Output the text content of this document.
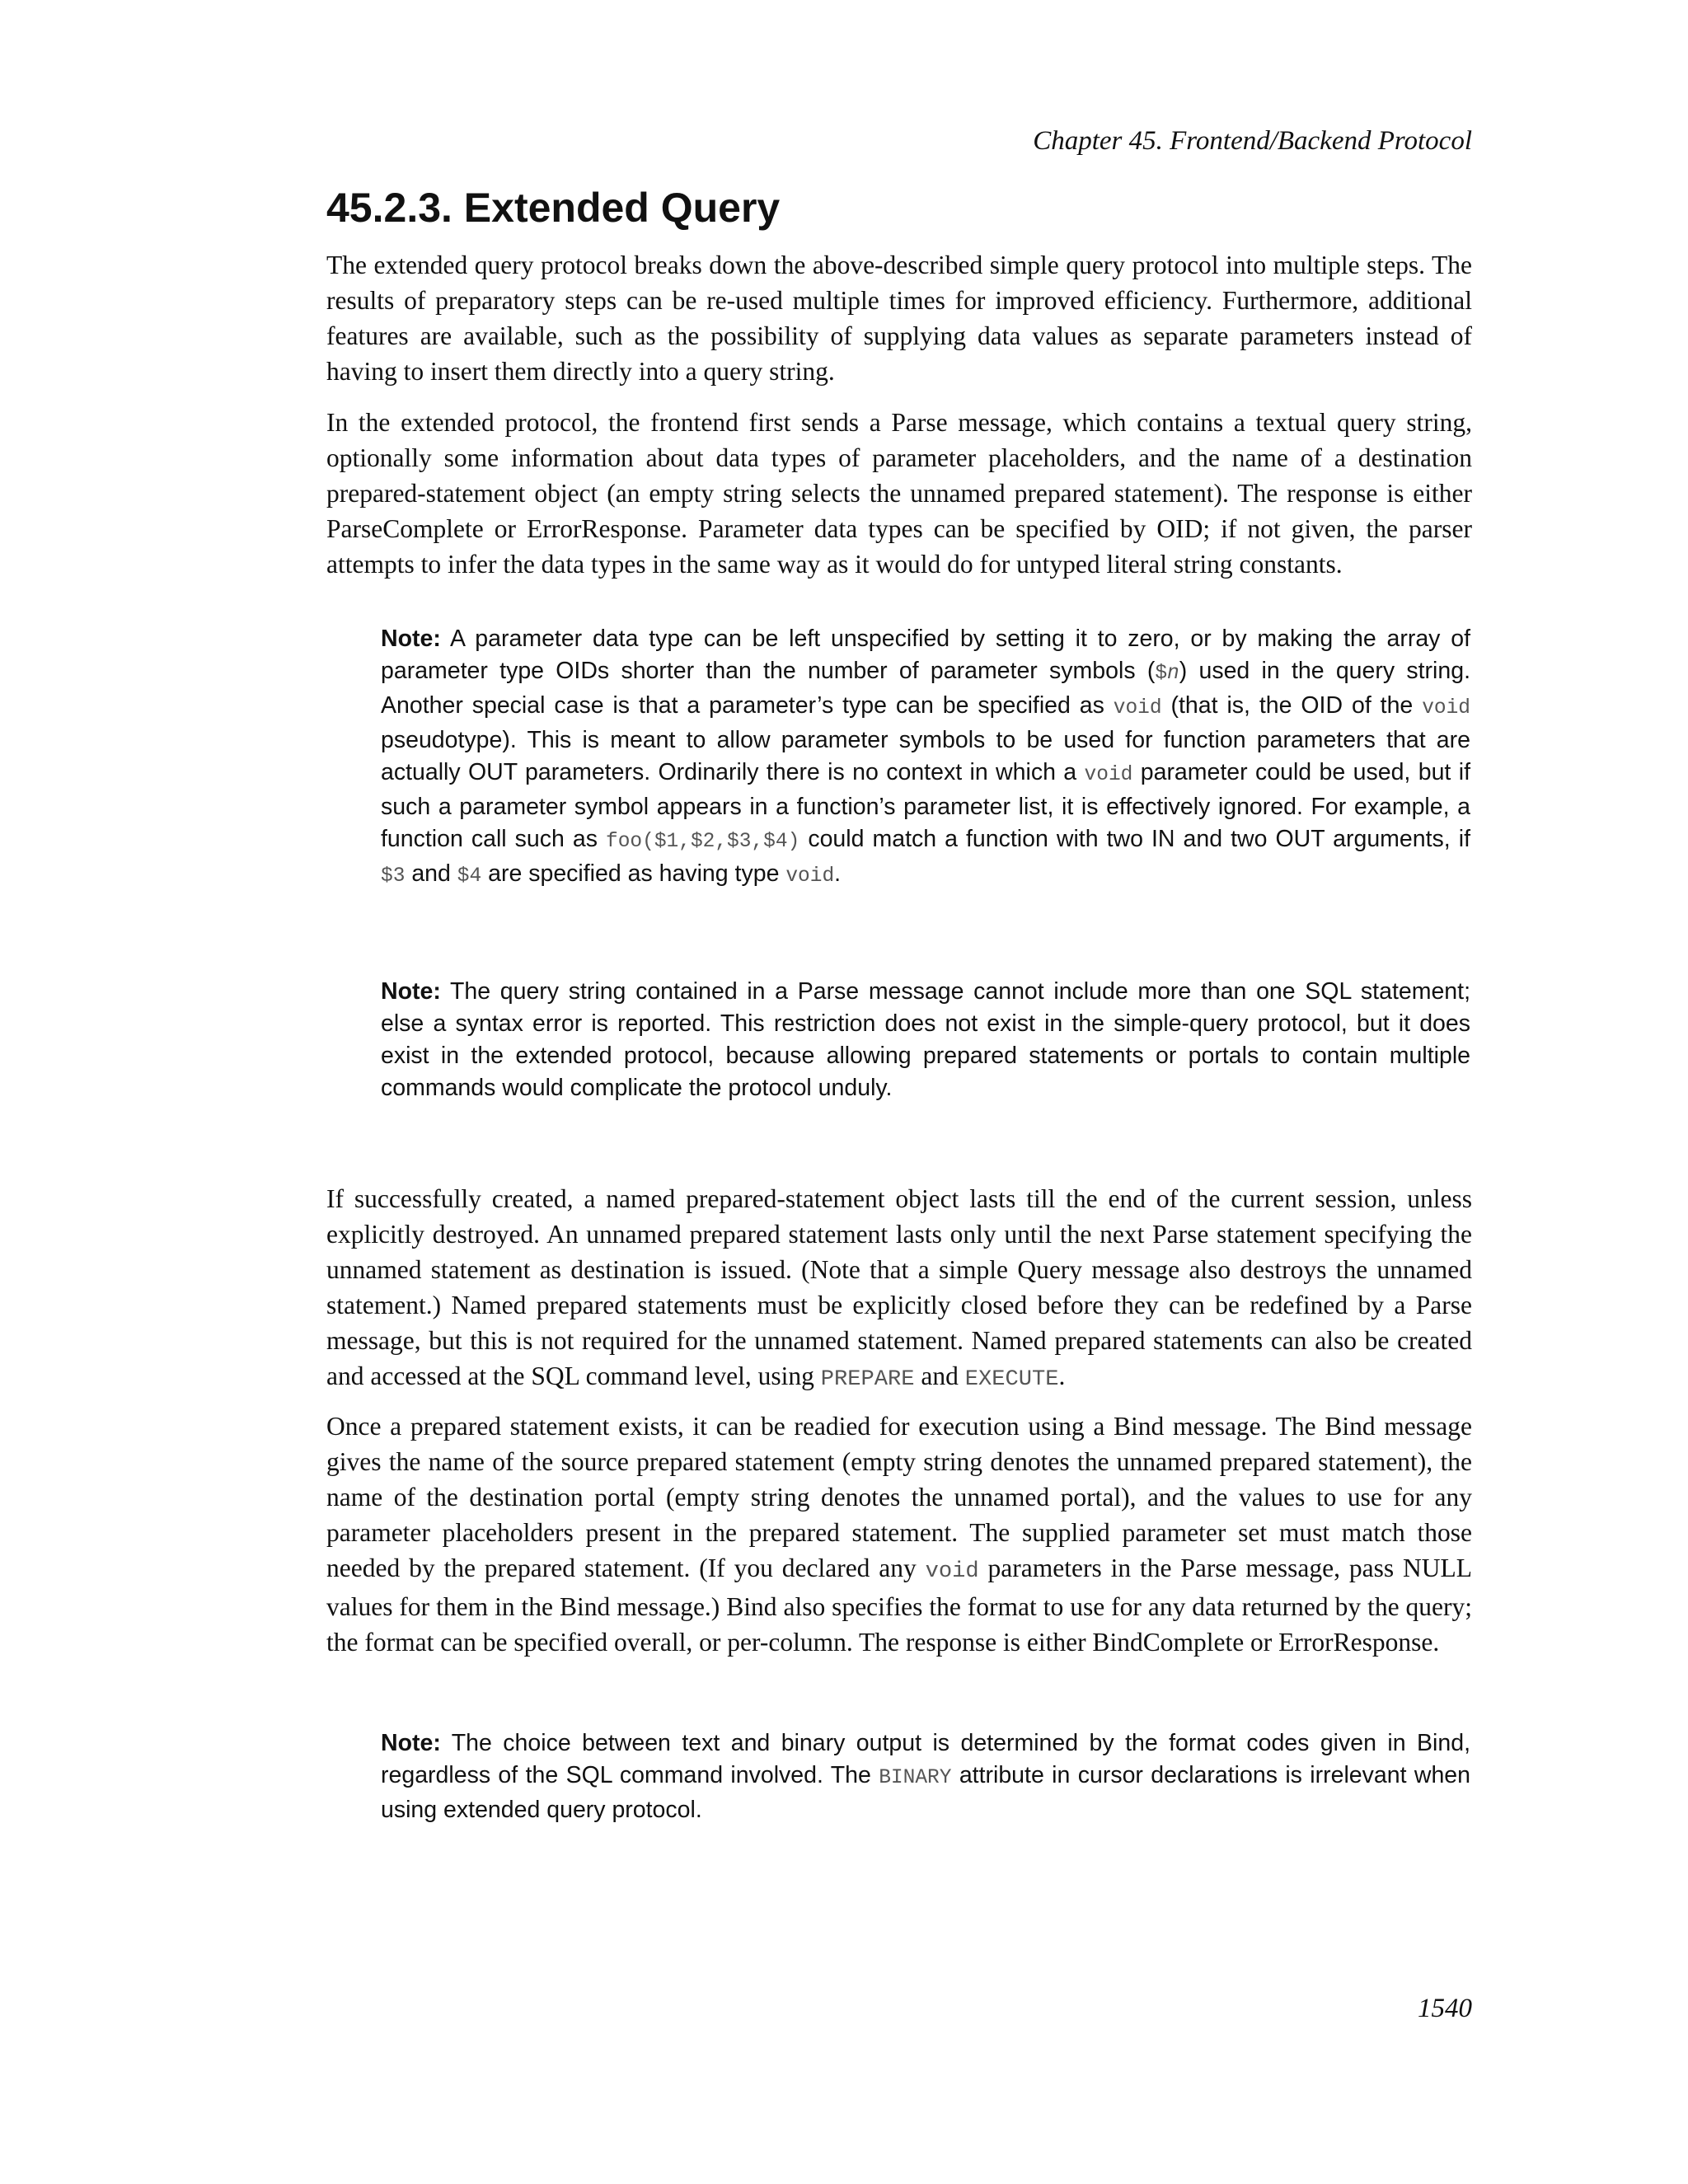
Chapter 45. Frontend/Backend Protocol
45.2.3. Extended Query

The extended query protocol breaks down the above-described simple query protocol into multiple steps. The results of preparatory steps can be re-used multiple times for improved efficiency. Furthermore, additional features are available, such as the possibility of supplying data values as separate parameters instead of having to insert them directly into a query string.

In the extended protocol, the frontend first sends a Parse message, which contains a textual query string, optionally some information about data types of parameter placeholders, and the name of a destination prepared-statement object (an empty string selects the unnamed prepared statement). The response is either ParseComplete or ErrorResponse. Parameter data types can be specified by OID; if not given, the parser attempts to infer the data types in the same way as it would do for untyped literal string constants.

Note: A parameter data type can be left unspecified by setting it to zero, or by making the array of parameter type OIDs shorter than the number of parameter symbols ($n) used in the query string. Another special case is that a parameter’s type can be specified as void (that is, the OID of the void pseudotype). This is meant to allow parameter symbols to be used for function parameters that are actually OUT parameters. Ordinarily there is no context in which a void parameter could be used, but if such a parameter symbol appears in a function’s parameter list, it is effectively ignored. For example, a function call such as foo($1,$2,$3,$4) could match a function with two IN and two OUT arguments, if $3 and $4 are specified as having type void.

Note: The query string contained in a Parse message cannot include more than one SQL statement; else a syntax error is reported. This restriction does not exist in the simple-query protocol, but it does exist in the extended protocol, because allowing prepared statements or portals to contain multiple commands would complicate the protocol unduly.

If successfully created, a named prepared-statement object lasts till the end of the current session, unless explicitly destroyed. An unnamed prepared statement lasts only until the next Parse statement specifying the unnamed statement as destination is issued. (Note that a simple Query message also destroys the unnamed statement.) Named prepared statements must be explicitly closed before they can be redefined by a Parse message, but this is not required for the unnamed statement. Named prepared statements can also be created and accessed at the SQL command level, using PREPARE and EXECUTE.

Once a prepared statement exists, it can be readied for execution using a Bind message. The Bind message gives the name of the source prepared statement (empty string denotes the unnamed prepared statement), the name of the destination portal (empty string denotes the unnamed portal), and the values to use for any parameter placeholders present in the prepared statement. The supplied parameter set must match those needed by the prepared statement. (If you declared any void parameters in the Parse message, pass NULL values for them in the Bind message.) Bind also specifies the format to use for any data returned by the query; the format can be specified overall, or per-column. The response is either BindComplete or ErrorResponse.

Note: The choice between text and binary output is determined by the format codes given in Bind, regardless of the SQL command involved. The BINARY attribute in cursor declarations is irrelevant when using extended query protocol.

1540
